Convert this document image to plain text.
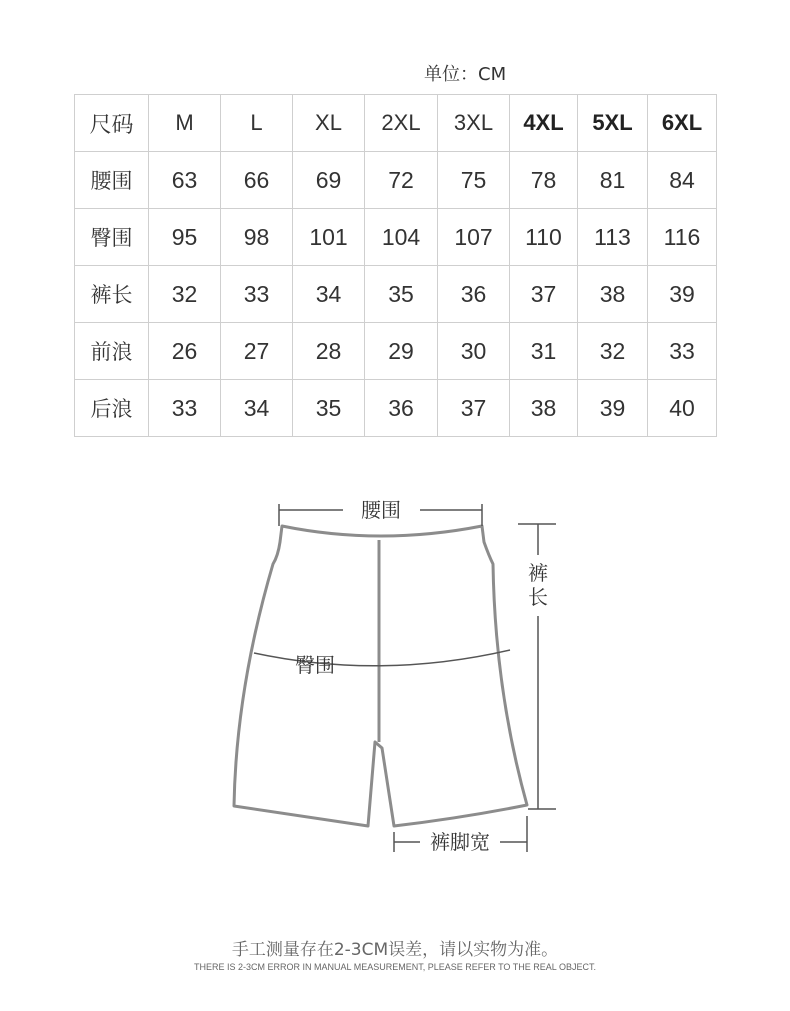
单位：CM
尺码	M	L	XL	2XL	3XL	4XL	5XL	6XL
腰围	63	66	69	72	75	78	81	84
臀围	95	98	101	104	107	110	113	116
裤长	32	33	34	35	36	37	38	39
前浪	26	27	28	29	30	31	32	33
后浪	33	34	35	36	37	38	39	40
腰围
臀围
裤
长
裤脚宽
手工测量存在2-3CM误差，请以实物为准。
THERE IS 2-3CM ERROR IN MANUAL MEASUREMENT, PLEASE REFER TO THE REAL OBJECT.
